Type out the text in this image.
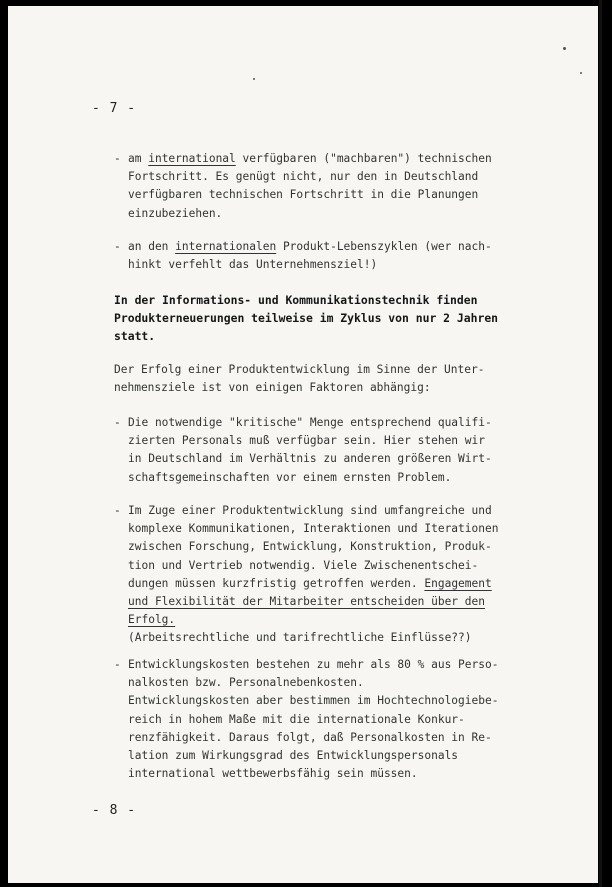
- 7 -
- am international verfügbaren ("machbaren") technischen
Fortschritt. Es genügt nicht, nur den in Deutschland
verfügbaren technischen Fortschritt in die Planungen
einzubeziehen.
- an den internationalen Produkt-Lebenszyklen (wer nach-
hinkt verfehlt das Unternehmensziel!)
In der Informations- und Kommunikationstechnik finden
Produkterneuerungen teilweise im Zyklus von nur 2 Jahren
statt.
Der Erfolg einer Produktentwicklung im Sinne der Unter-
nehmensziele ist von einigen Faktoren abhängig:
- Die notwendige "kritische" Menge entsprechend qualifi-
zierten Personals muß verfügbar sein. Hier stehen wir
in Deutschland im Verhältnis zu anderen größeren Wirt-
schaftsgemeinschaften vor einem ernsten Problem.
- Im Zuge einer Produktentwicklung sind umfangreiche und
komplexe Kommunikationen, Interaktionen und Iterationen
zwischen Forschung, Entwicklung, Konstruktion, Produk-
tion und Vertrieb notwendig. Viele Zwischenentschei-
dungen müssen kurzfristig getroffen werden. Engagement
und Flexibilität der Mitarbeiter entscheiden über den
Erfolg.
(Arbeitsrechtliche und tarifrechtliche Einflüsse??)
- Entwicklungskosten bestehen zu mehr als 80 % aus Perso-
nalkosten bzw. Personalnebenkosten.
Entwicklungskosten aber bestimmen im Hochtechnologiebe-
reich in hohem Maße mit die internationale Konkur-
renzfähigkeit. Daraus folgt, daß Personalkosten in Re-
lation zum Wirkungsgrad des Entwicklungspersonals
international wettbewerbsfähig sein müssen.
- 8 -
